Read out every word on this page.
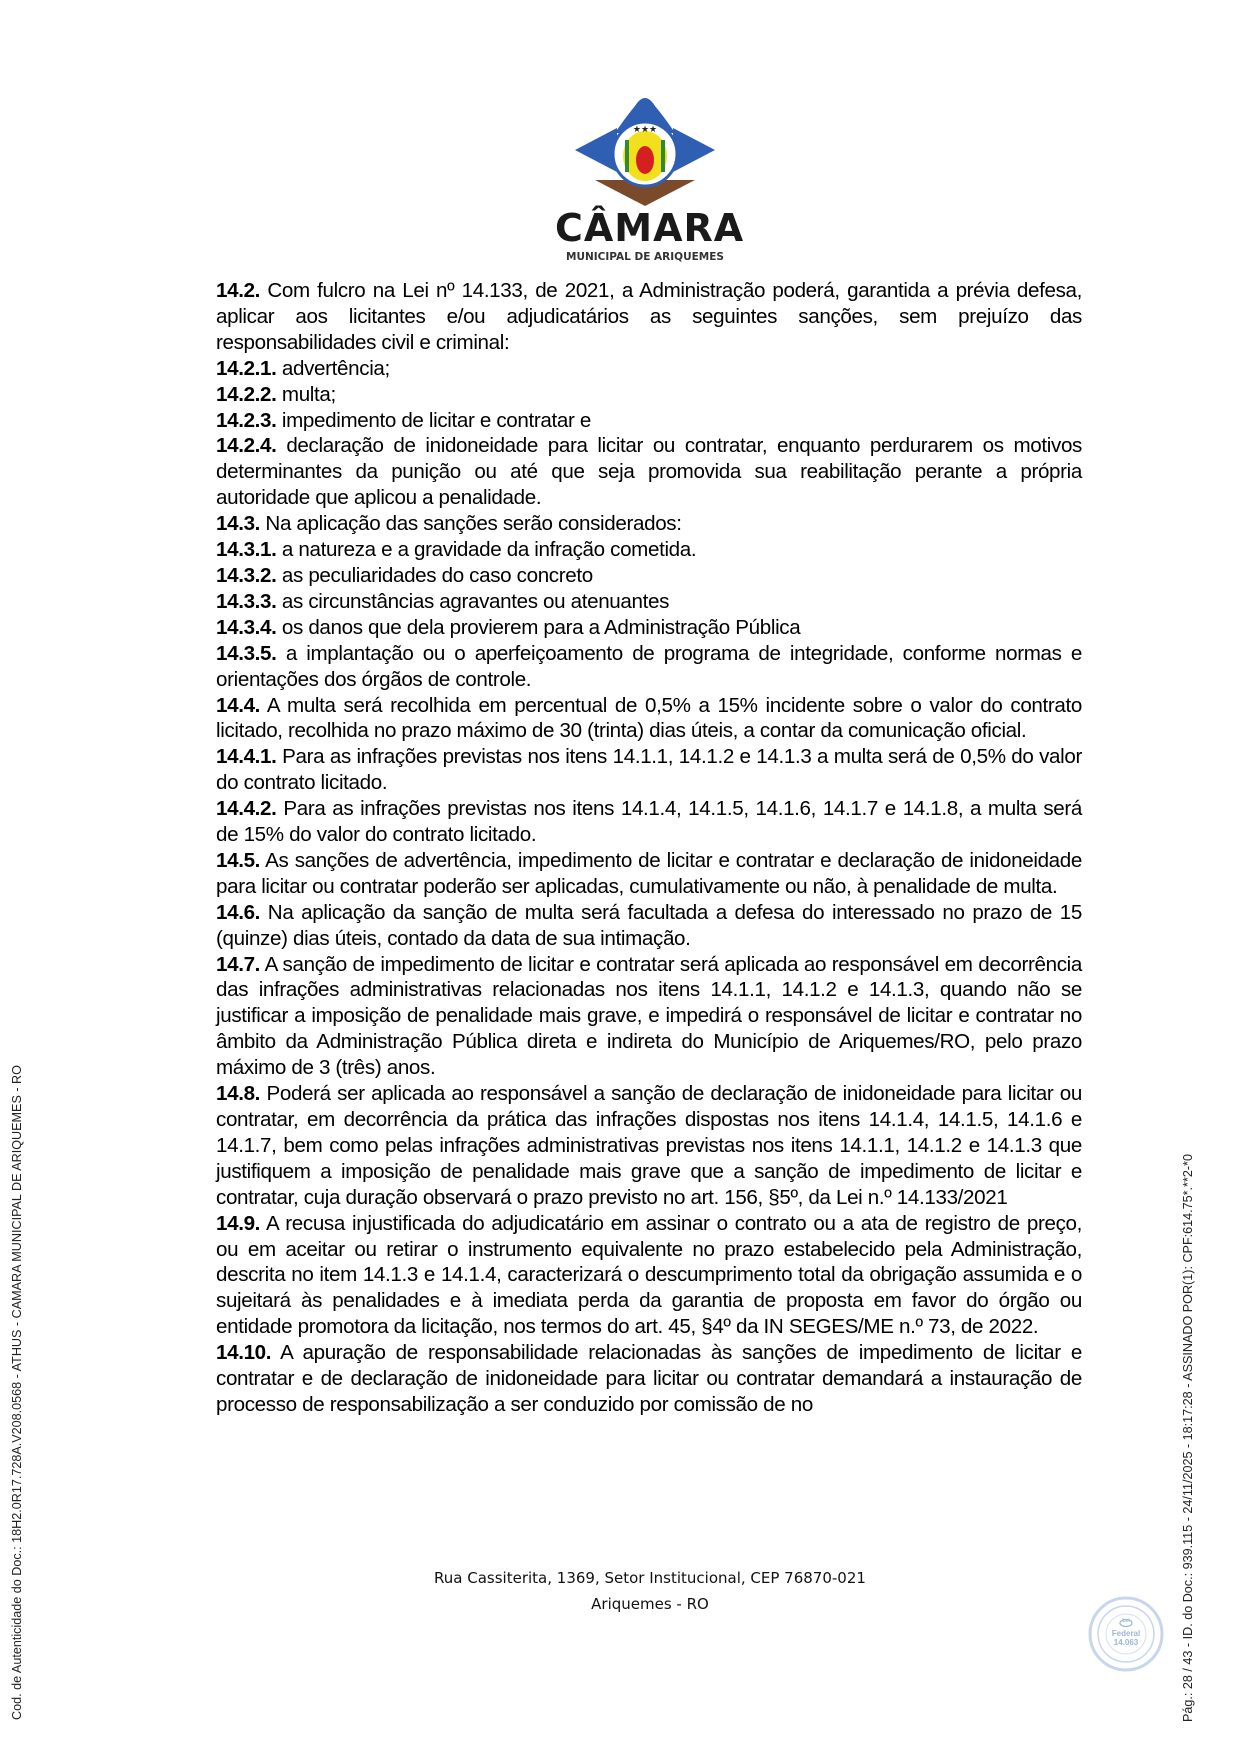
★★★
CÂMARA
MUNICIPAL DE ARIQUEMES

14.2. Com fulcro na Lei nº 14.133, de 2021, a Administração poderá, garantida a prévia defesa, aplicar aos licitantes e/ou adjudicatários as seguintes sanções, sem prejuízo das responsabilidades civil e criminal:

14.2.1. advertência;

14.2.2. multa;

14.2.3. impedimento de licitar e contratar e

14.2.4. declaração de inidoneidade para licitar ou contratar, enquanto perdurarem os motivos determinantes da punição ou até que seja promovida sua reabilitação perante a própria autoridade que aplicou a penalidade.

14.3. Na aplicação das sanções serão considerados:

14.3.1. a natureza e a gravidade da infração cometida.

14.3.2. as peculiaridades do caso concreto

14.3.3. as circunstâncias agravantes ou atenuantes

14.3.4. os danos que dela provierem para a Administração Pública

14.3.5. a implantação ou o aperfeiçoamento de programa de integridade, conforme normas e orientações dos órgãos de controle.

14.4. A multa será recolhida em percentual de 0,5% a 15% incidente sobre o valor do contrato licitado, recolhida no prazo máximo de 30 (trinta) dias úteis, a contar da comunicação oficial.

14.4.1. Para as infrações previstas nos itens 14.1.1, 14.1.2 e 14.1.3 a multa será de 0,5% do valor do contrato licitado.

14.4.2. Para as infrações previstas nos itens 14.1.4, 14.1.5, 14.1.6, 14.1.7 e 14.1.8, a multa será de 15% do valor do contrato licitado.

14.5. As sanções de advertência, impedimento de licitar e contratar e declaração de inidoneidade para licitar ou contratar poderão ser aplicadas, cumulativamente ou não, à penalidade de multa.

14.6. Na aplicação da sanção de multa será facultada a defesa do interessado no prazo de 15 (quinze) dias úteis, contado da data de sua intimação.

14.7. A sanção de impedimento de licitar e contratar será aplicada ao responsável em decorrência das infrações administrativas relacionadas nos itens 14.1.1, 14.1.2 e 14.1.3, quando não se justificar a imposição de penalidade mais grave, e impedirá o responsável de licitar e contratar no âmbito da Administração Pública direta e indireta do Município de Ariquemes/RO, pelo prazo máximo de 3 (três) anos.

14.8. Poderá ser aplicada ao responsável a sanção de declaração de inidoneidade para licitar ou contratar, em decorrência da prática das infrações dispostas nos itens 14.1.4, 14.1.5, 14.1.6 e 14.1.7, bem como pelas infrações administrativas previstas nos itens 14.1.1, 14.1.2 e 14.1.3 que justifiquem a imposição de penalidade mais grave que a sanção de impedimento de licitar e contratar, cuja duração observará o prazo previsto no art. 156, §5º, da Lei n.º 14.133/2021

14.9. A recusa injustificada do adjudicatário em assinar o contrato ou a ata de registro de preço, ou em aceitar ou retirar o instrumento equivalente no prazo estabelecido pela Administração, descrita no item 14.1.3 e 14.1.4, caracterizará o descumprimento total da obrigação assumida e o sujeitará às penalidades e à imediata perda da garantia de proposta em favor do órgão ou entidade promotora da licitação, nos termos do art. 45, §4º da IN SEGES/ME n.º 73, de 2022.

14.10. A apuração de responsabilidade relacionadas às sanções de impedimento de licitar e contratar e de declaração de inidoneidade para licitar ou contratar demandará a instauração de processo de responsabilização a ser conduzido por comissão de no

Rua Cassiterita, 1369, Setor Institucional, CEP 76870-021
Ariquemes - RO
Cod. de Autenticidade do Doc.: 18H2.0R17.728A.V208.0568 - ATHUS - CAMARA MUNICIPAL DE ARIQUEMES - RO	Pág.: 28 / 43 - ID. do Doc.: 939.115 - 24/11/2025 - 18:17:28 - ASSINADO POR(1): CPF:614.75*.**2-*0
Lei
Federal
14.063
